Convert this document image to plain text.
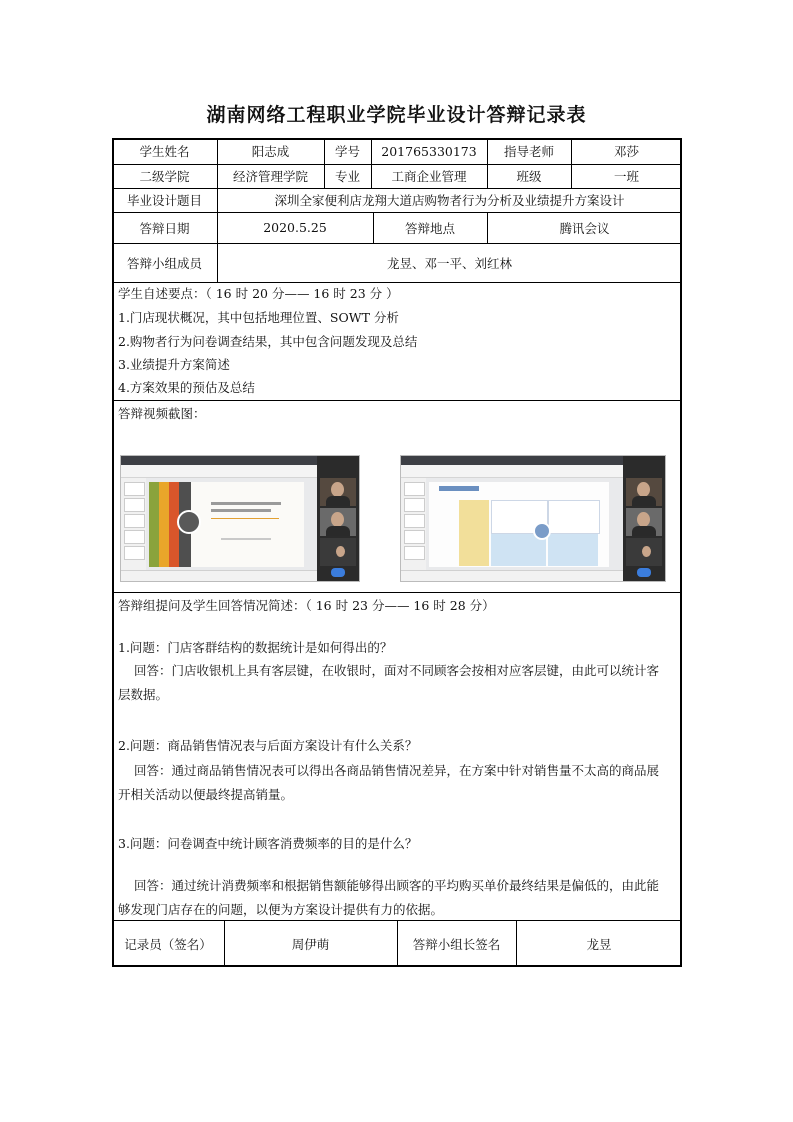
湖南网络工程职业学院毕业设计答辩记录表
学生姓名	阳志成	学号	201765330173	指导老师	邓莎
二级学院	经济管理学院	专业	工商企业管理	班级	一班
毕业设计题目	深圳全家便利店龙翔大道店购物者行为分析及业绩提升方案设计
答辩日期	2020.5.25	答辩地点	腾讯会议
答辩小组成员	龙昱、邓一平、刘红林
学生自述要点：（ 16 时 20 分—— 16 时 23 分 ）
1.门店现状概况，其中包括地理位置、SOWT 分析
2.购物者行为问卷调查结果，其中包含问题发现及总结
3.业绩提升方案简述
4.方案效果的预估及总结
答辩视频截图：
答辩组提问及学生回答情况简述：（ 16 时 23 分—— 16 时 28 分）
1.问题：门店客群结构的数据统计是如何得出的？
回答：门店收银机上具有客层键，在收银时，面对不同顾客会按相对应客层键，由此可以统计客层数据。
2.问题：商品销售情况表与后面方案设计有什么关系？
回答：通过商品销售情况表可以得出各商品销售情况差异，在方案中针对销售量不太高的商品展开相关活动以便最终提高销量。
3.问题：问卷调查中统计顾客消费频率的目的是什么？
回答：通过统计消费频率和根据销售额能够得出顾客的平均购买单价最终结果是偏低的，由此能够发现门店存在的问题，以便为方案设计提供有力的依据。
记录员（签名）	周伊萌	答辩小组长签名	龙昱
